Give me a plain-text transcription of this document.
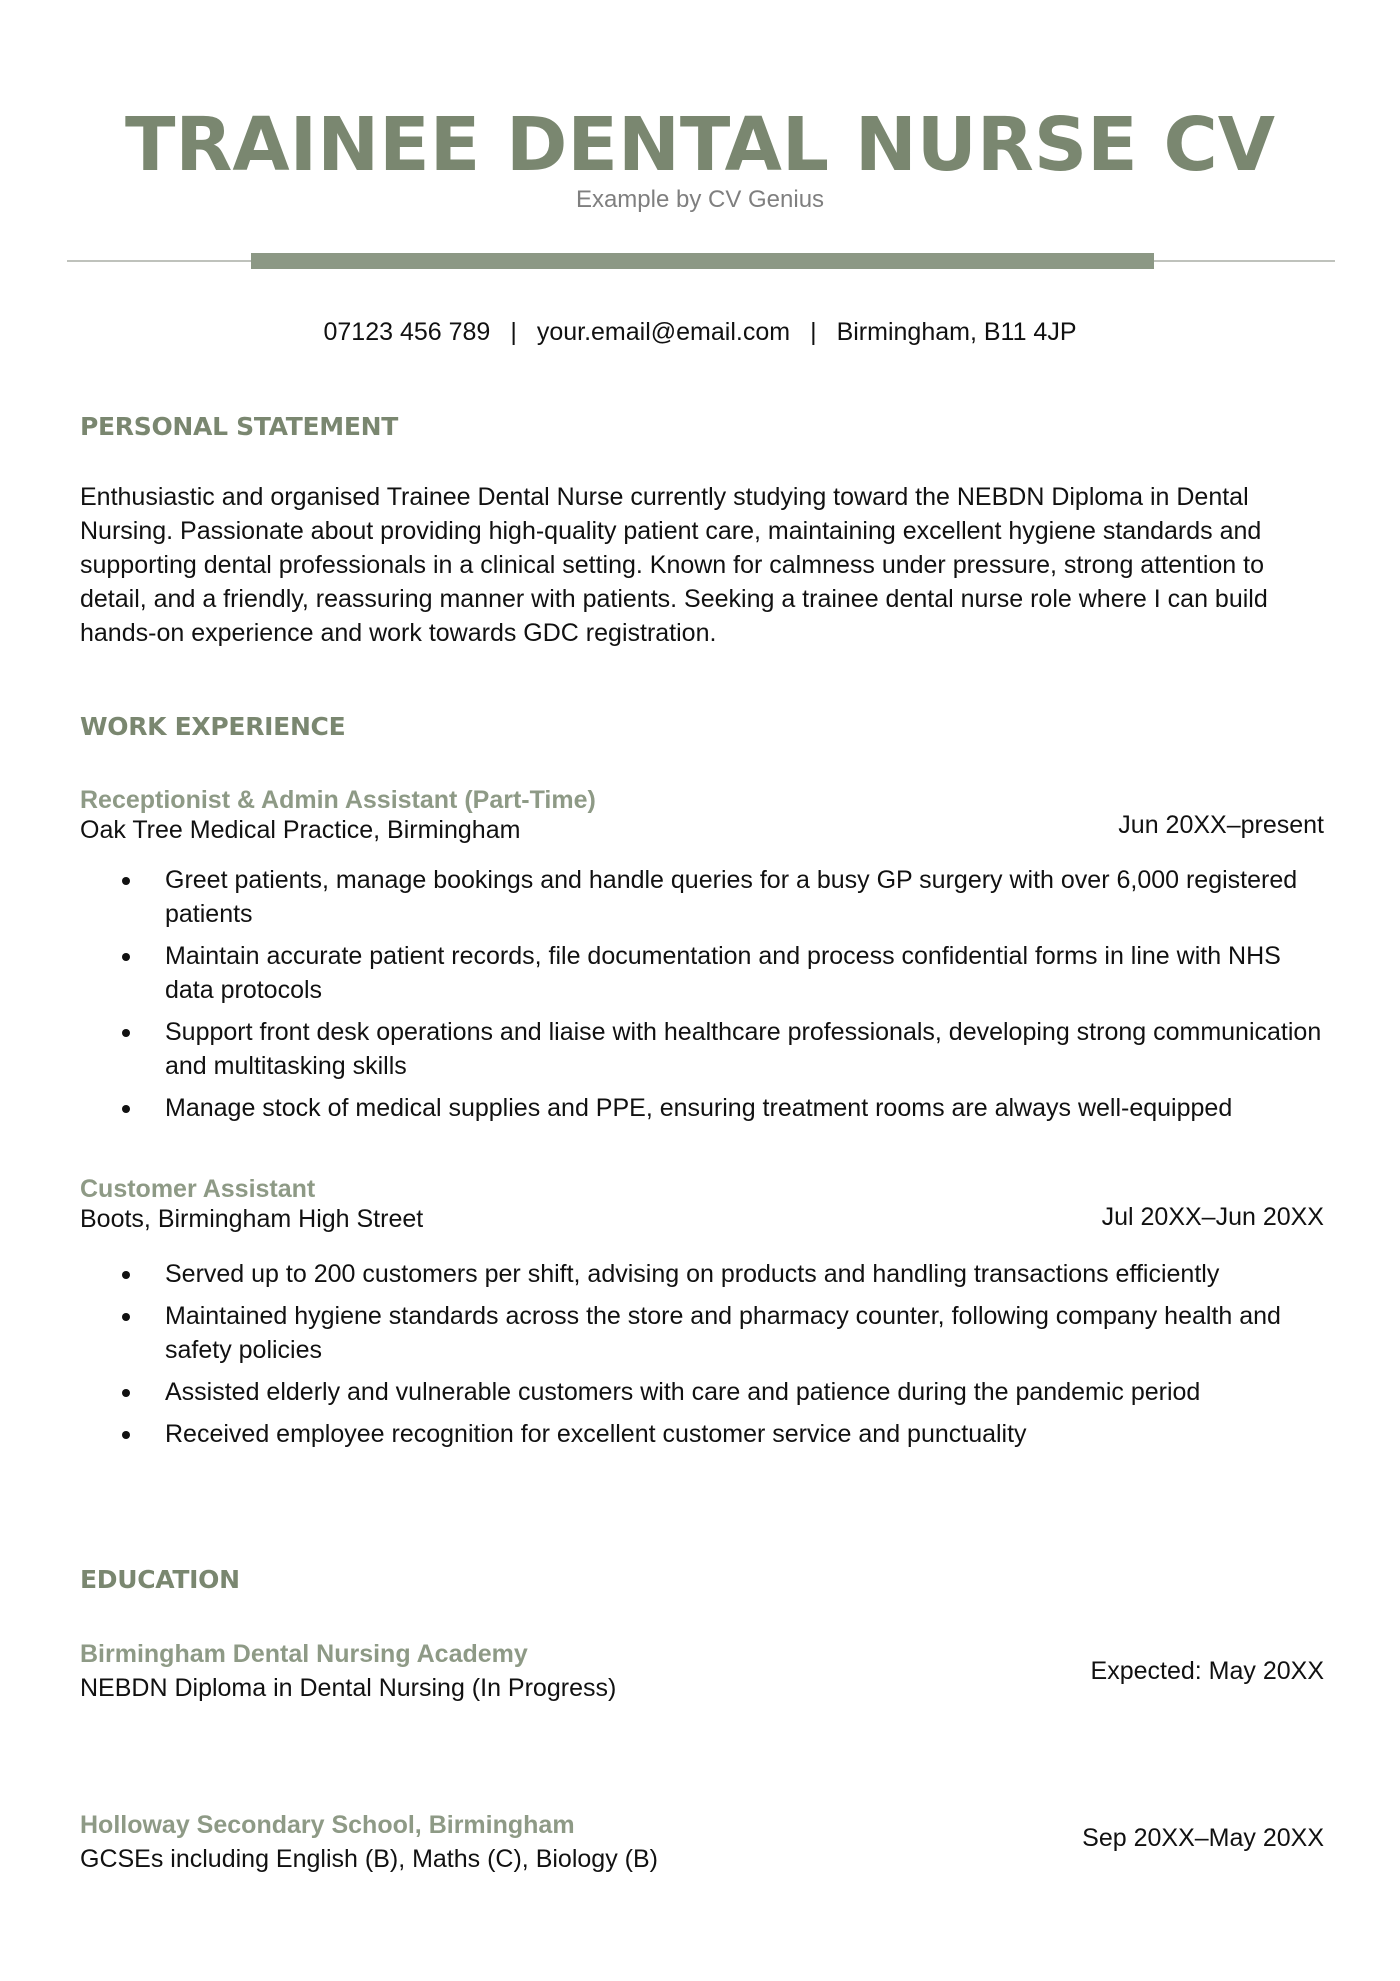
TRAINEE DENTAL NURSE CV

Example by CV Genius

07123 456 789 | your.email@email.com | Birmingham, B11 4JP
PERSONAL STATEMENT

Enthusiastic and organised Trainee Dental Nurse currently studying toward the NEBDN Diploma in Dental Nursing. Passionate about providing high-quality patient care, maintaining excellent hygiene standards and supporting dental professionals in a clinical setting. Known for calmness under pressure, strong attention to detail, and a friendly, reassuring manner with patients. Seeking a trainee dental nurse role where I can build hands-on experience and work towards GDC registration.

WORK EXPERIENCE

Receptionist & Admin Assistant (Part-Time)

Oak Tree Medical Practice, Birmingham	Jun 20XX–present

Greet patients, manage bookings and handle queries for a busy GP surgery with over 6,000 registered patients
Maintain accurate patient records, file documentation and process confidential forms in line with NHS data protocols
Support front desk operations and liaise with healthcare professionals, developing strong communication and multitasking skills
Manage stock of medical supplies and PPE, ensuring treatment rooms are always well-equipped

Customer Assistant

Boots, Birmingham High Street	Jul 20XX–Jun 20XX

Served up to 200 customers per shift, advising on products and handling transactions efficiently
Maintained hygiene standards across the store and pharmacy counter, following company health and safety policies
Assisted elderly and vulnerable customers with care and patience during the pandemic period
Received employee recognition for excellent customer service and punctuality
EDUCATION

Birmingham Dental Nursing Academy

NEBDN Diploma in Dental Nursing (In Progress)

Expected: May 20XX

Holloway Secondary School, Birmingham

GCSEs including English (B), Maths (C), Biology (B)

Sep 20XX–May 20XX
